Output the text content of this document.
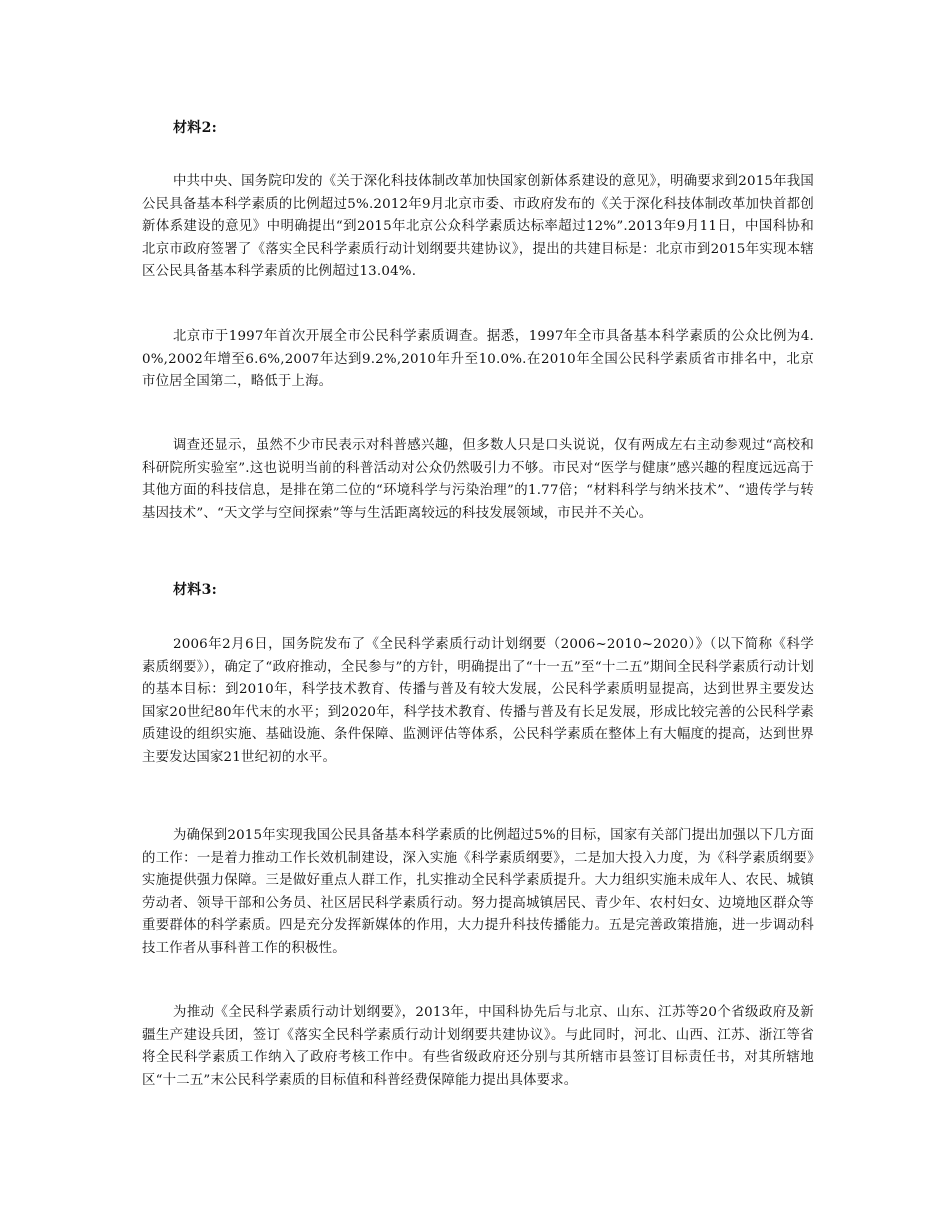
材料2:
中共中央、国务院印发的《关于深化科技体制改革加快国家创新体系建设的意见》，明确要求到2015年我国公民具备基本科学素质的比例超过5%.2012年9月北京市委、市政府发布的《关于深化科技体制改革加快首都创新体系建设的意见》中明确提出“到2015年北京公众科学素质达标率超过12%”.2013年9月11日，中国科协和北京市政府签署了《落实全民科学素质行动计划纲要共建协议》，提出的共建目标是：北京市到2015年实现本辖区公民具备基本科学素质的比例超过13.04%.
北京市于1997年首次开展全市公民科学素质调查。据悉，1997年全市具备基本科学素质的公众比例为4.0%,2002年增至6.6%,2007年达到9.2%,2010年升至10.0%.在2010年全国公民科学素质省市排名中，北京市位居全国第二，略低于上海。
调查还显示，虽然不少市民表示对科普感兴趣，但多数人只是口头说说，仅有两成左右主动参观过“高校和科研院所实验室”.这也说明当前的科普活动对公众仍然吸引力不够。市民对“医学与健康”感兴趣的程度远远高于其他方面的科技信息，是排在第二位的“环境科学与污染治理”的1.77倍；“材料科学与纳米技术”、“遗传学与转基因技术”、“天文学与空间探索”等与生活距离较远的科技发展领域，市民并不关心。
材料3:
2006年2月6日，国务院发布了《全民科学素质行动计划纲要（2006~2010~2020）》（以下简称《科学素质纲要》），确定了“政府推动，全民参与”的方针，明确提出了“十一五”至“十二五”期间全民科学素质行动计划的基本目标：到2010年，科学技术教育、传播与普及有较大发展，公民科学素质明显提高，达到世界主要发达国家20世纪80年代末的水平；到2020年，科学技术教育、传播与普及有长足发展，形成比较完善的公民科学素质建设的组织实施、基础设施、条件保障、监测评估等体系，公民科学素质在整体上有大幅度的提高，达到世界主要发达国家21世纪初的水平。
为确保到2015年实现我国公民具备基本科学素质的比例超过5%的目标，国家有关部门提出加强以下几方面的工作：一是着力推动工作长效机制建设，深入实施《科学素质纲要》，二是加大投入力度，为《科学素质纲要》实施提供强力保障。三是做好重点人群工作，扎实推动全民科学素质提升。大力组织实施未成年人、农民、城镇劳动者、领导干部和公务员、社区居民科学素质行动。努力提高城镇居民、青少年、农村妇女、边境地区群众等重要群体的科学素质。四是充分发挥新媒体的作用，大力提升科技传播能力。五是完善政策措施，进一步调动科技工作者从事科普工作的积极性。
为推动《全民科学素质行动计划纲要》，2013年，中国科协先后与北京、山东、江苏等20个省级政府及新疆生产建设兵团，签订《落实全民科学素质行动计划纲要共建协议》。与此同时，河北、山西、江苏、浙江等省将全民科学素质工作纳入了政府考核工作中。有些省级政府还分别与其所辖市县签订目标责任书，对其所辖地区“十二五”末公民科学素质的目标值和科普经费保障能力提出具体要求。
